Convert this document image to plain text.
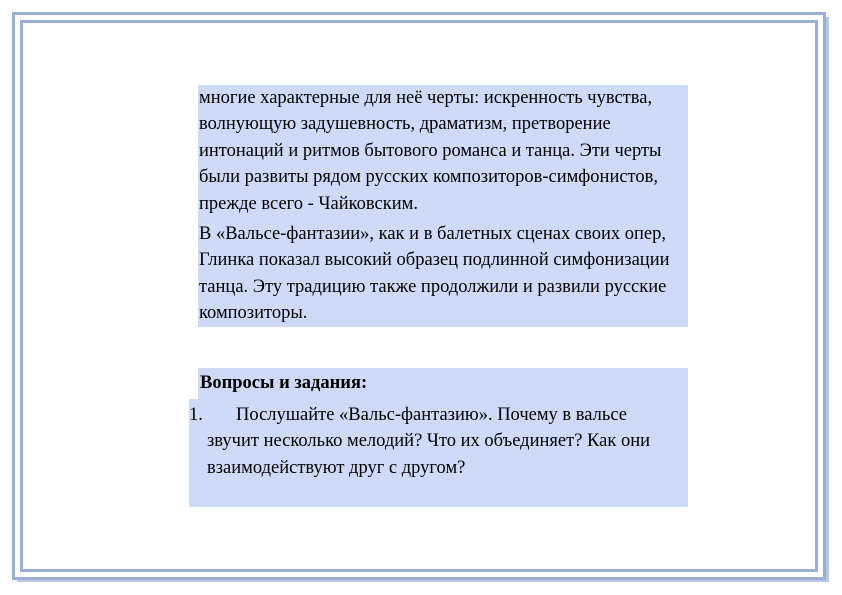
многие характерные для неё черты: искренность чувства, волнующую задушевность, драматизм, претворение интонаций и ритмов бытового романса и танца. Эти черты были развиты рядом русских композиторов-симфонистов, прежде всего - Чайковским.

В «Вальсе-фантазии», как и в балетных сценах своих опер, Глинка показал высокий образец подлинной симфонизации танца. Эту традицию также продолжили и развили русские композиторы.

Вопросы и задания:
1.	Послушайте «Вальс-фантазию». Почему в вальсе звучит несколько мелодий? Что их объединяет? Как они взаимодействуют друг с другом?
